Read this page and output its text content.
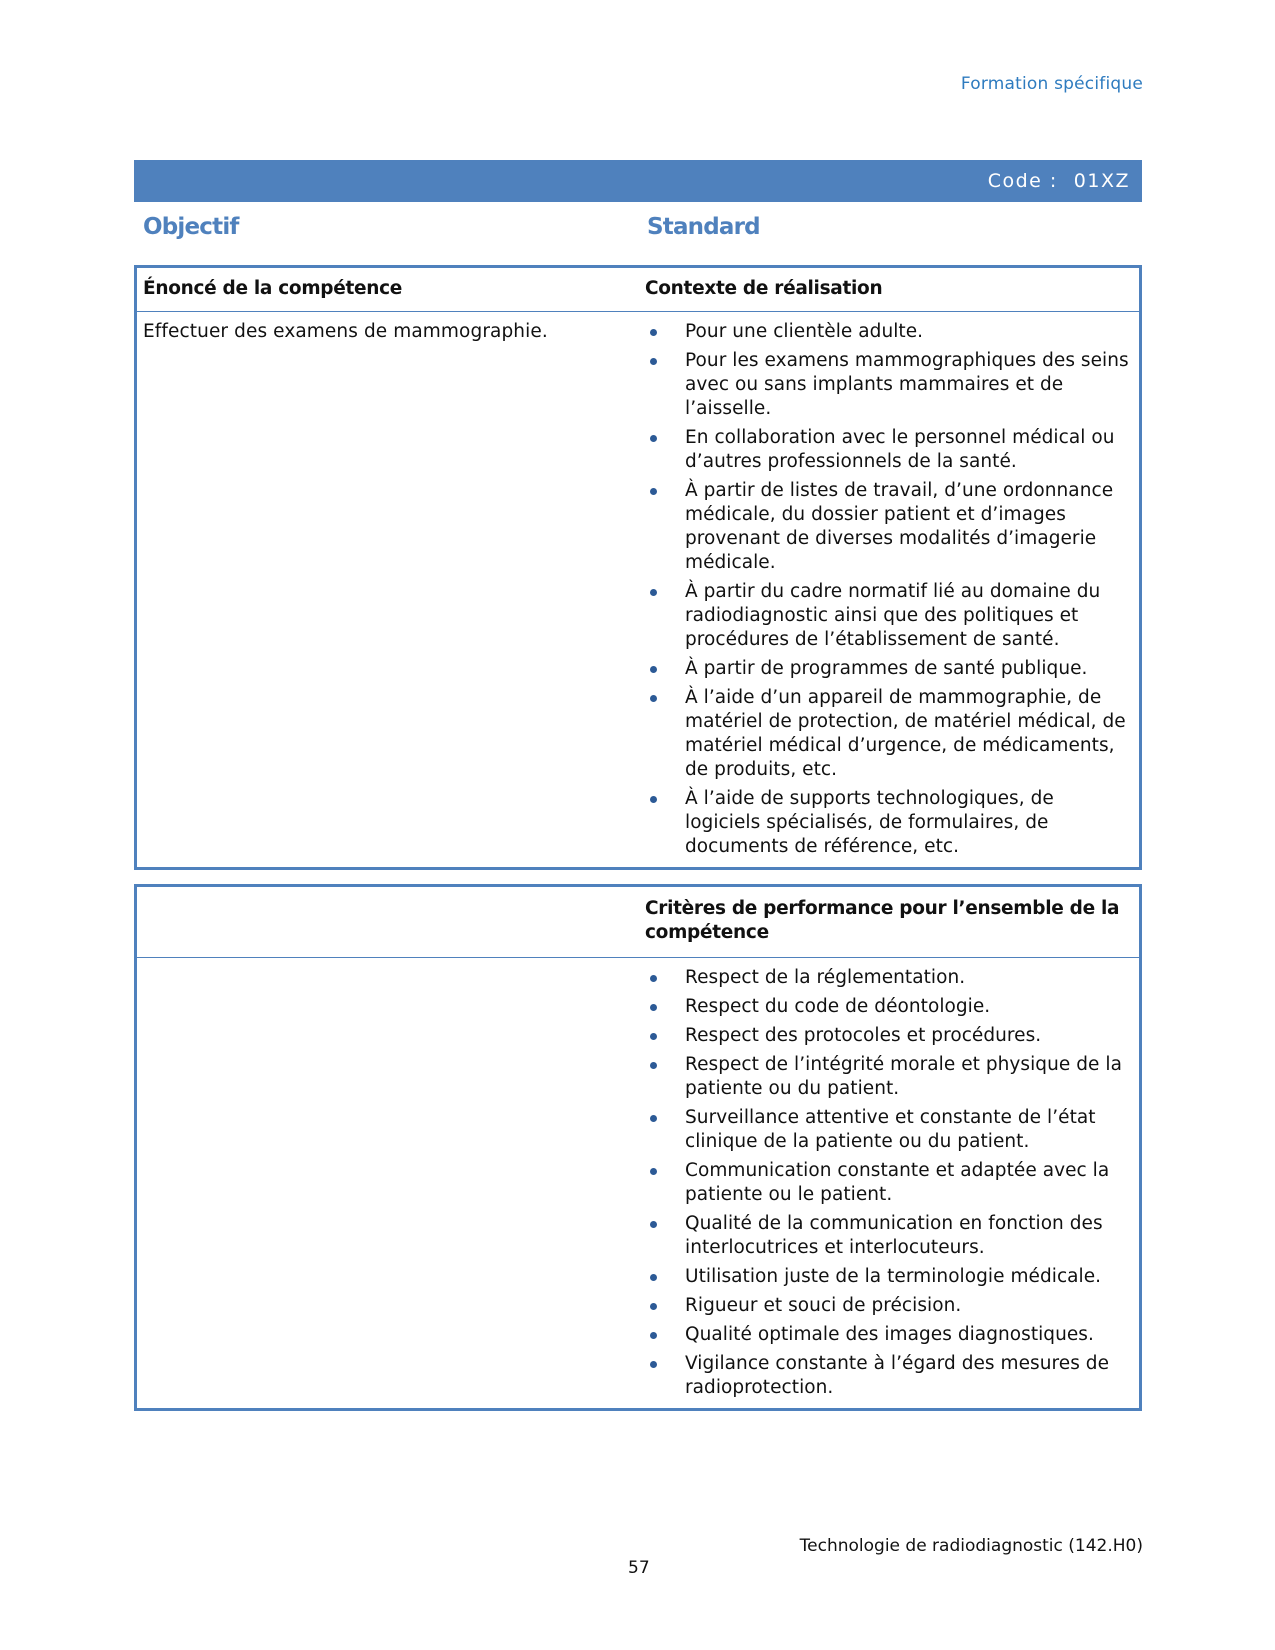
Formation spécifique
Code : 01XZ
Objectif	Standard
Énoncé de la compétence	Contexte de réalisation
Effectuer des examens de mammographie.	Pour une clientèle adulte.
Pour les examens mammographiques des seins avec ou sans implants mammaires et de l’aisselle.
En collaboration avec le personnel médical ou d’autres professionnels de la santé.
À partir de listes de travail, d’une ordonnance médicale, du dossier patient et d’images provenant de diverses modalités d’imagerie médicale.
À partir du cadre normatif lié au domaine du radiodiagnostic ainsi que des politiques et procédures de l’établissement de santé.
À partir de programmes de santé publique.
À l’aide d’un appareil de mammographie, de matériel de protection, de matériel médical, de matériel médical d’urgence, de médicaments, de produits, etc.
À l’aide de supports technologiques, de logiciels spécialisés, de formulaires, de documents de référence, etc.
Critères de performance pour l’ensemble de la compétence
Respect de la réglementation.
Respect du code de déontologie.
Respect des protocoles et procédures.
Respect de l’intégrité morale et physique de la patiente ou du patient.
Surveillance attentive et constante de l’état clinique de la patiente ou du patient.
Communication constante et adaptée avec la patiente ou le patient.
Qualité de la communication en fonction des interlocutrices et interlocuteurs.
Utilisation juste de la terminologie médicale.
Rigueur et souci de précision.
Qualité optimale des images diagnostiques.
Vigilance constante à l’égard des mesures de radioprotection.
Technologie de radiodiagnostic (142.H0)
57
